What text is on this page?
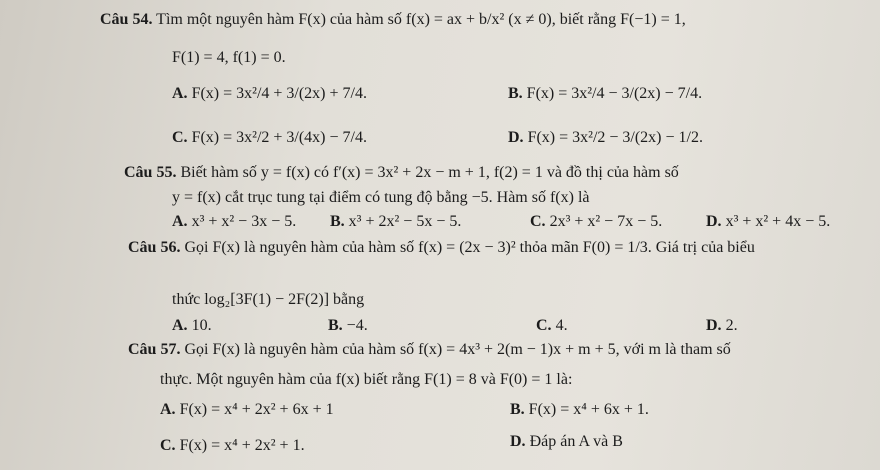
Câu 54. Tìm một nguyên hàm F(x) của hàm số f(x) = ax + b/x² (x ≠ 0), biết rằng F(−1) = 1,
F(1) = 4, f(1) = 0.
A. F(x) = 3x²/4 + 3/(2x) + 7/4.	B. F(x) = 3x²/4 − 3/(2x) − 7/4.
C. F(x) = 3x²/2 + 3/(4x) − 7/4.	D. F(x) = 3x²/2 − 3/(2x) − 1/2.
Câu 55. Biết hàm số y = f(x) có f′(x) = 3x² + 2x − m + 1, f(2) = 1 và đồ thị của hàm số
y = f(x) cắt trục tung tại điểm có tung độ bằng −5. Hàm số f(x) là
A. x³ + x² − 3x − 5. B. x³ + 2x² − 5x − 5.	C. 2x³ + x² − 7x − 5.	D. x³ + x² + 4x − 5.
Câu 56. Gọi F(x) là nguyên hàm của hàm số f(x) = (2x − 3)² thỏa mãn F(0) = 1/3. Giá trị của biểu
thức log₂[3F(1) − 2F(2)] bằng
A. 10.	B. −4.	C. 4.	D. 2.
Câu 57. Gọi F(x) là nguyên hàm của hàm số f(x) = 4x³ + 2(m − 1)x + m + 5, với m là tham số
thực. Một nguyên hàm của f(x) biết rằng F(1) = 8 và F(0) = 1 là:
A. F(x) = x⁴ + 2x² + 6x + 1	B. F(x) = x⁴ + 6x + 1.
C. F(x) = x⁴ + 2x² + 1.	D. Đáp án A và B
